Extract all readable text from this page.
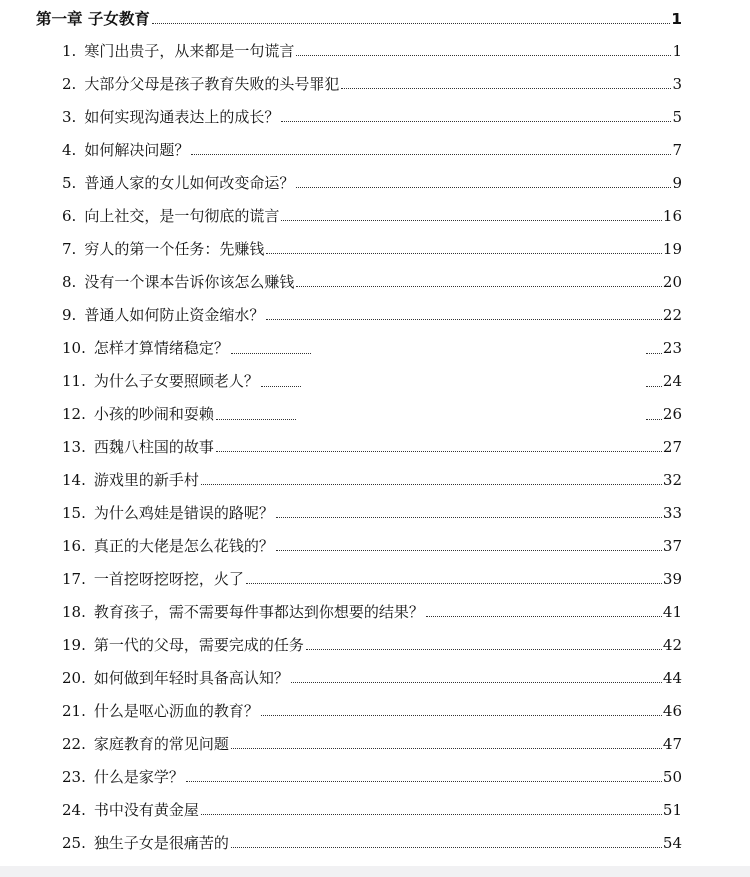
第一章 子女教育	1
1. 寒门出贵子，从来都是一句谎言	1
2. 大部分父母是孩子教育失败的头号罪犯	3
3. 如何实现沟通表达上的成长？	5
4. 如何解决问题？	7
5. 普通人家的女儿如何改变命运？	9
6. 向上社交，是一句彻底的谎言	16
7. 穷人的第一个任务：先赚钱	19
8. 没有一个课本告诉你该怎么赚钱	20
9. 普通人如何防止资金缩水？	22
10. 怎样才算情绪稳定？	23
11. 为什么子女要照顾老人？	24
12. 小孩的吵闹和耍赖	26
13. 西魏八柱国的故事	27
14. 游戏里的新手村	32
15. 为什么鸡娃是错误的路呢？	33
16. 真正的大佬是怎么花钱的？	37
17. 一首挖呀挖呀挖，火了	39
18. 教育孩子，需不需要每件事都达到你想要的结果？	41
19. 第一代的父母，需要完成的任务	42
20. 如何做到年轻时具备高认知？	44
21. 什么是呕心沥血的教育？	46
22. 家庭教育的常见问题	47
23. 什么是家学？	50
24. 书中没有黄金屋	51
25. 独生子女是很痛苦的	54
